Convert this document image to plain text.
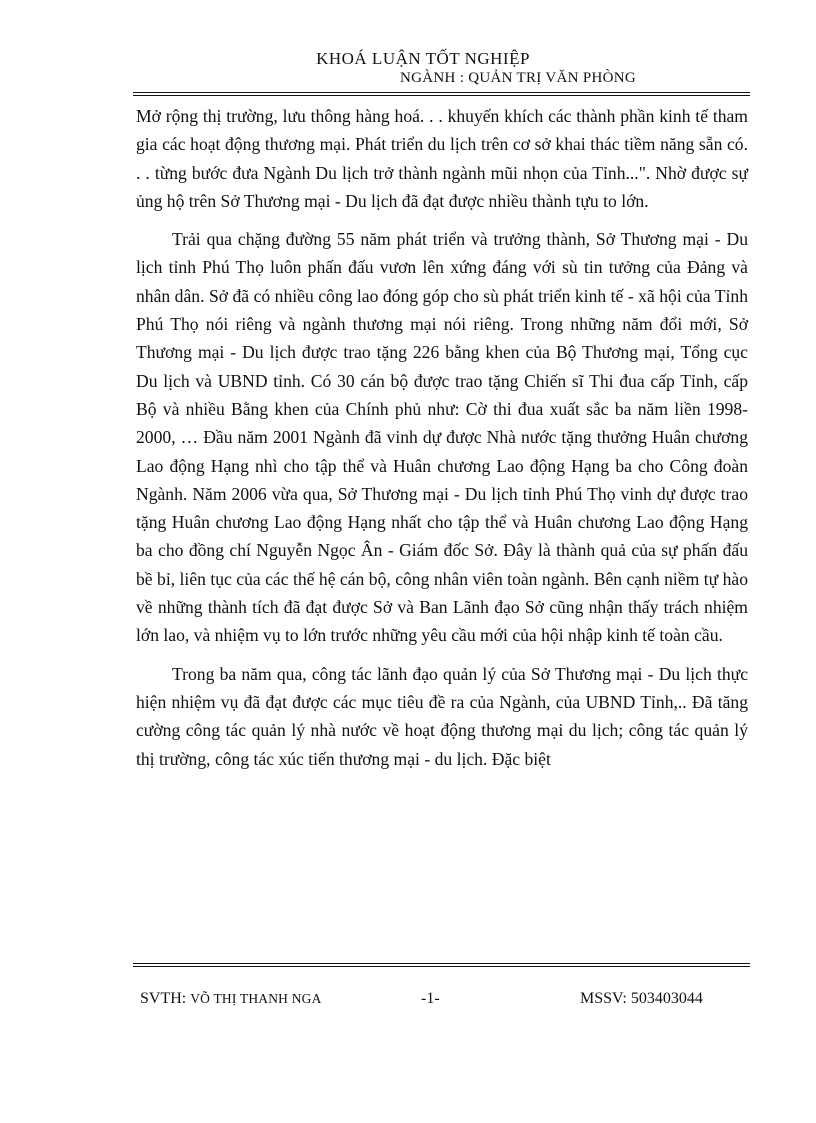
KHOÁ LUẬN TỐT NGHIỆP
NGÀNH : QUẢN TRỊ VĂN PHÒNG

Mở rộng thị trường, lưu thông hàng hoá. . . khuyến khích các thành phần kinh tế tham gia các hoạt động thương mại. Phát triển du lịch trên cơ sở khai thác tiềm năng sẵn có. . . từng bước đưa Ngành Du lịch trở thành ngành mũi nhọn của Tỉnh...". Nhờ được sự ủng hộ trên Sở Thương mại - Du lịch đã đạt được nhiều thành tựu to lớn.

Trải qua chặng đường 55 năm phát triển và trưởng thành, Sở Thương mại - Du lịch tỉnh Phú Thọ luôn phấn đấu vươn lên xứng đáng với sù tin tưởng của Đảng và nhân dân. Sở đã có nhiều công lao đóng góp cho sù phát triển kinh tế - xã hội của Tỉnh Phú Thọ nói riêng và ngành thương mại nói riêng. Trong những năm đổi mới, Sở Thương mại - Du lịch được trao tặng 226 bằng khen của Bộ Thương mại, Tổng cục Du lịch và UBND tỉnh. Có 30 cán bộ được trao tặng Chiến sĩ Thi đua cấp Tỉnh, cấp Bộ và nhiều Bằng khen của Chính phủ như: Cờ thi đua xuất sắc ba năm liền 1998-2000, … Đầu năm 2001 Ngành đã vinh dự được Nhà nước tặng thưởng Huân chương Lao động Hạng nhì cho tập thể và Huân chương Lao động Hạng ba cho Công đoàn Ngành. Năm 2006 vừa qua, Sở Thương mại - Du lịch tỉnh Phú Thọ vinh dự được trao tặng Huân chương Lao động Hạng nhất cho tập thể và Huân chương Lao động Hạng ba cho đồng chí Nguyễn Ngọc Ân - Giám đốc Sở. Đây là thành quả của sự phấn đấu bề bỉ, liên tục của các thế hệ cán bộ, công nhân viên toàn ngành. Bên cạnh niềm tự hào về những thành tích đã đạt được Sở và Ban Lãnh đạo Sở cũng nhận thấy trách nhiệm lớn lao, và nhiệm vụ to lớn trước những yêu cầu mới của hội nhập kinh tế toàn cầu.

Trong ba năm qua, công tác lãnh đạo quản lý của Sở Thương mại - Du lịch thực hiện nhiệm vụ đã đạt được các mục tiêu đề ra của Ngành, của UBND Tỉnh,.. Đã tăng cường công tác quản lý nhà nước về hoạt động thương mại du lịch; công tác quản lý thị trường, công tác xúc tiến thương mại - du lịch. Đặc biệt

SVTH: VÕ THỊ THANH NGA	-1-	MSSV: 503403044
